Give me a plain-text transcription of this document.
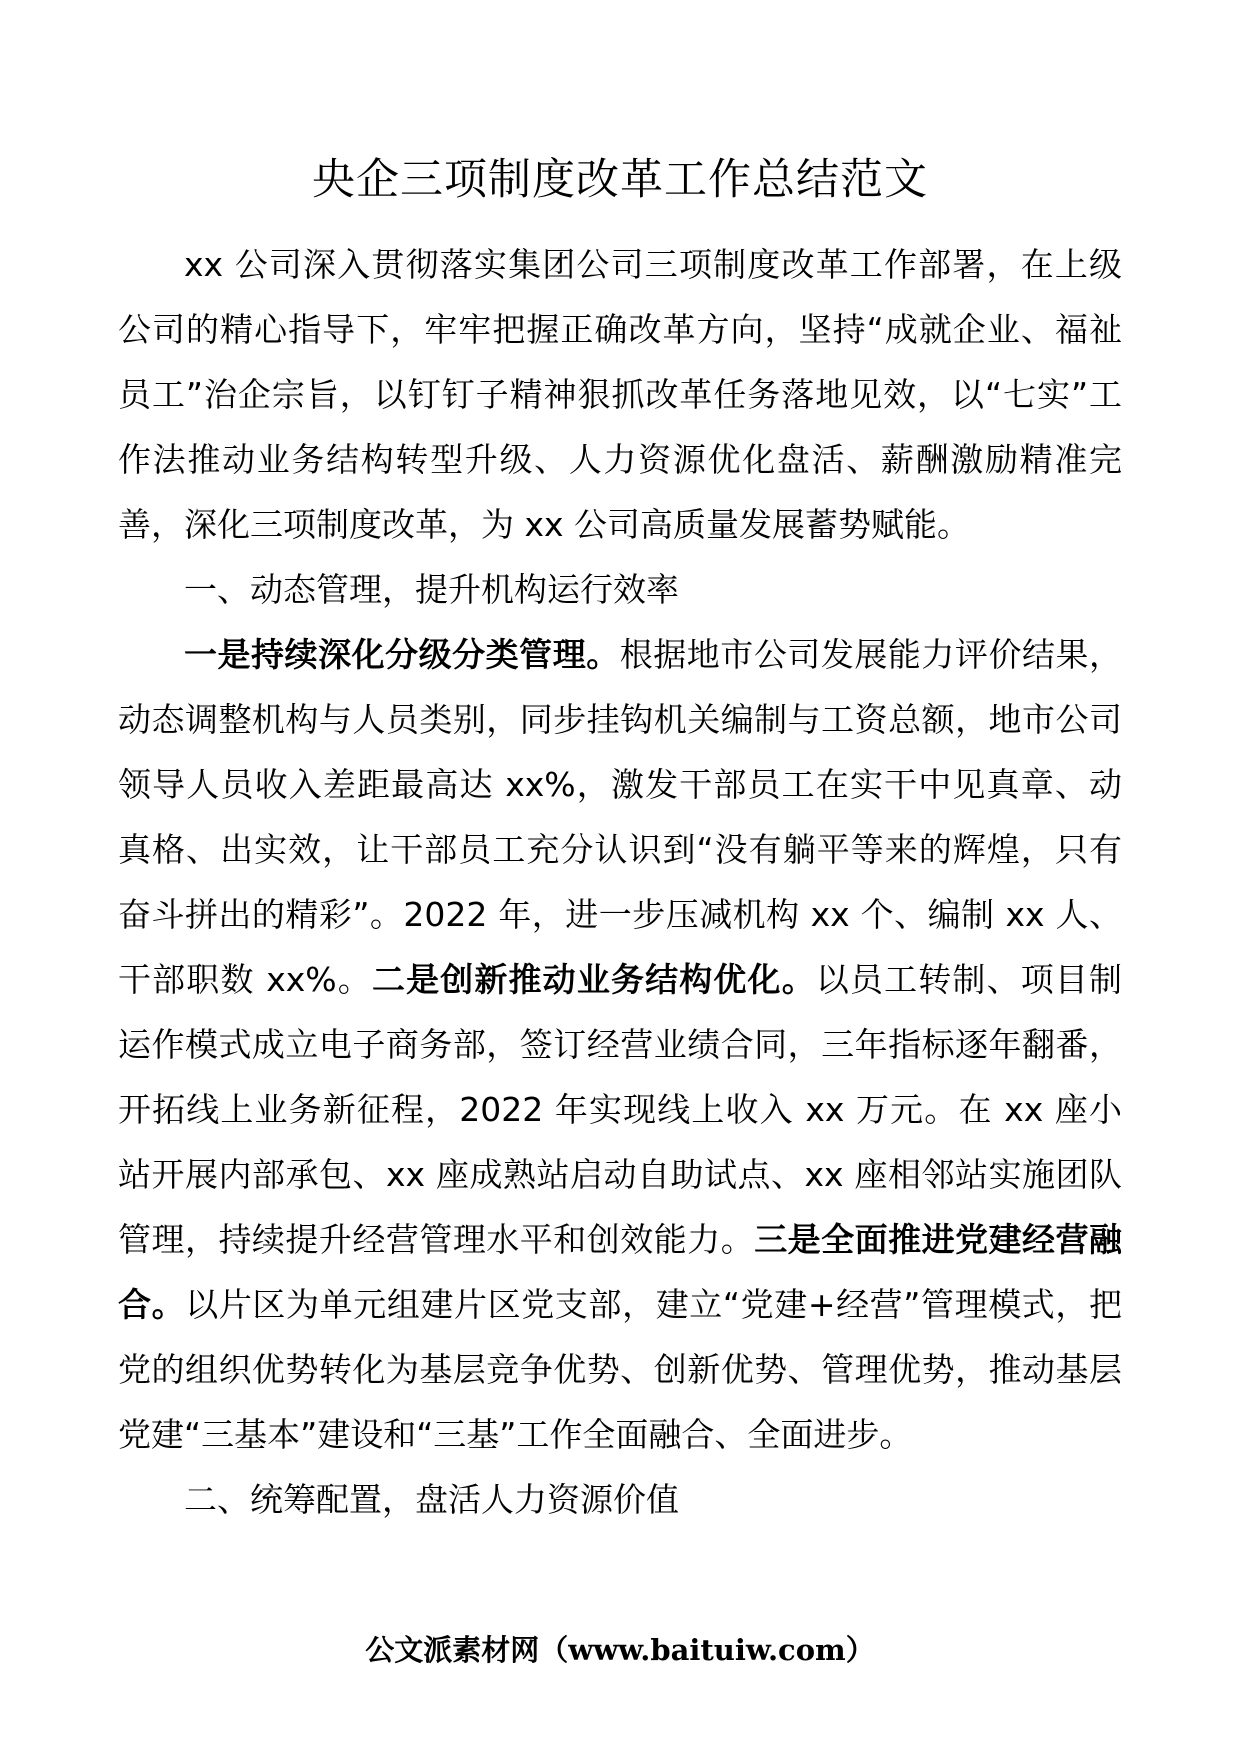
央企三项制度改革工作总结范文

xx 公司深入贯彻落实集团公司三项制度改革工作部署，在上级公司的精心指导下，牢牢把握正确改革方向，坚持“成就企业、福祉员工”治企宗旨，以钉钉子精神狠抓改革任务落地见效，以“七实”工作法推动业务结构转型升级、人力资源优化盘活、薪酬激励精准完善，深化三项制度改革，为 xx 公司高质量发展蓄势赋能。

一、动态管理，提升机构运行效率

一是持续深化分级分类管理。根据地市公司发展能力评价结果，动态调整机构与人员类别，同步挂钩机关编制与工资总额，地市公司领导人员收入差距最高达 xx%，激发干部员工在实干中见真章、动真格、出实效，让干部员工充分认识到“没有躺平等来的辉煌，只有奋斗拼出的精彩”。2022 年，进一步压减机构 xx 个、编制 xx 人、干部职数 xx%。二是创新推动业务结构优化。以员工转制、项目制运作模式成立电子商务部，签订经营业绩合同，三年指标逐年翻番，开拓线上业务新征程，2022 年实现线上收入 xx 万元。在 xx 座小站开展内部承包、xx 座成熟站启动自助试点、xx 座相邻站实施团队管理，持续提升经营管理水平和创效能力。三是全面推进党建经营融合。以片区为单元组建片区党支部，建立“党建+经营”管理模式，把党的组织优势转化为基层竞争优势、创新优势、管理优势，推动基层党建“三基本”建设和“三基”工作全面融合、全面进步。

二、统筹配置，盘活人力资源价值

公文派素材网（www.baituiw.com）
